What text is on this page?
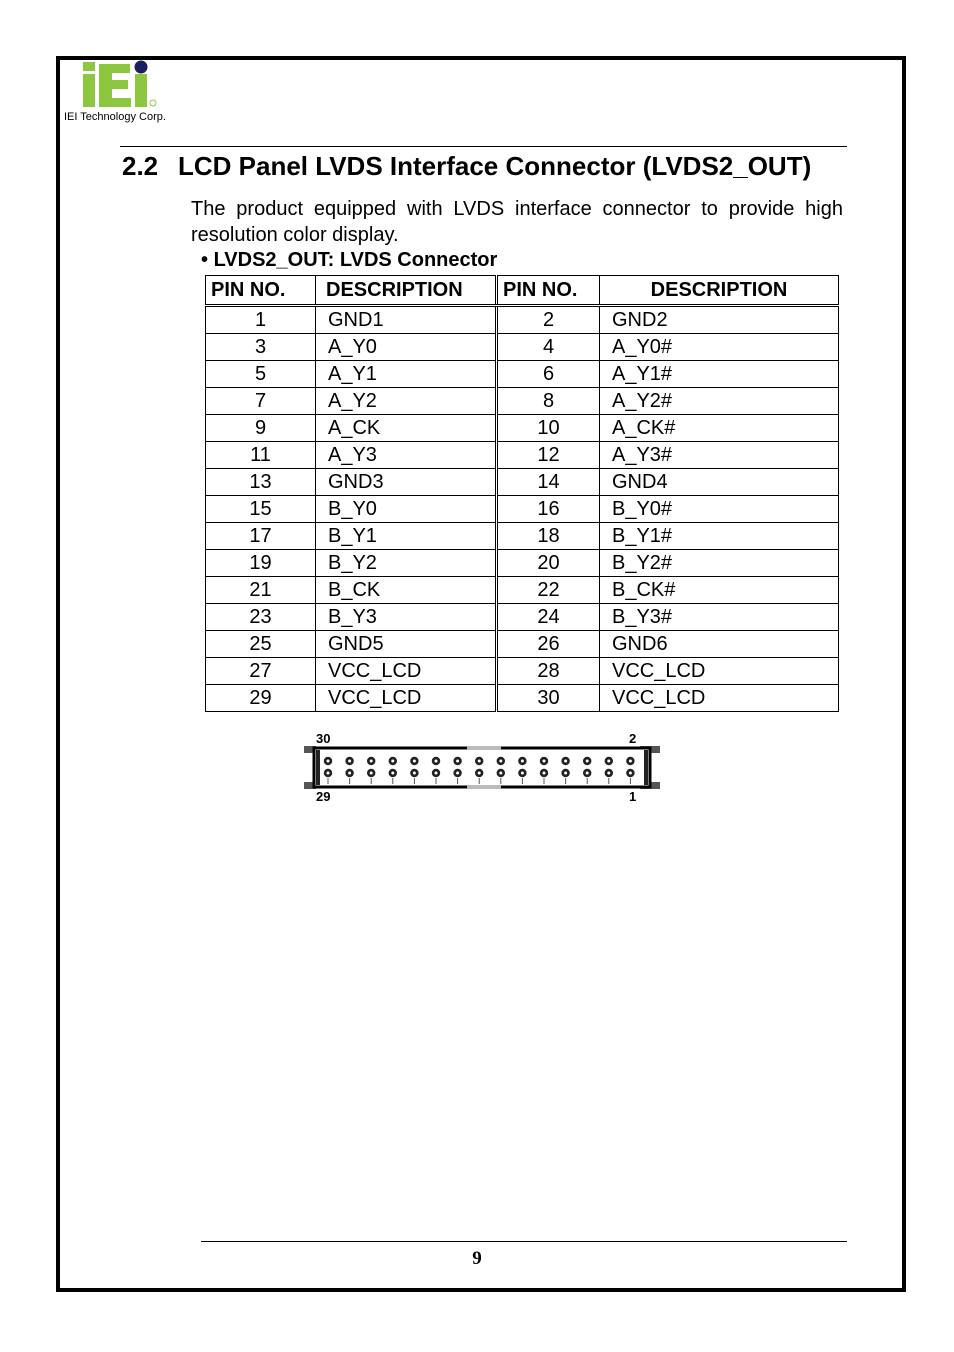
IEI Technology Corp.
2.2 LCD Panel LVDS Interface Connector (LVDS2_OUT)
The product equipped with LVDS interface connector to provide high resolution color display.
• LVDS2_OUT: LVDS Connector
PIN NO.	DESCRIPTION	PIN NO.	DESCRIPTION
1	GND1	2	GND2
3	A_Y0	4	A_Y0#
5	A_Y1	6	A_Y1#
7	A_Y2	8	A_Y2#
9	A_CK	10	A_CK#
11	A_Y3	12	A_Y3#
13	GND3	14	GND4
15	B_Y0	16	B_Y0#
17	B_Y1	18	B_Y1#
19	B_Y2	20	B_Y2#
21	B_CK	22	B_CK#
23	B_Y3	24	B_Y3#
25	GND5	26	GND6
27	VCC_LCD	28	VCC_LCD
29	VCC_LCD	30	VCC_LCD
30	2
29	1
9
